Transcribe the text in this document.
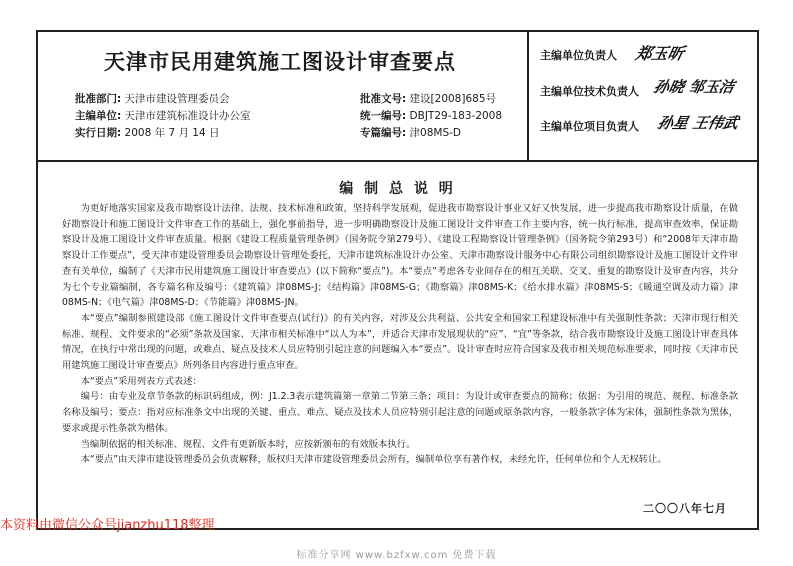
天津市民用建筑施工图设计审查要点
批准部门: 天津市建设管理委员会
主编单位: 天津市建筑标准设计办公室
实行日期: 2008 年 7 月 14 日
批准文号: 建设[2008]685号
统一编号: DBJT29-183-2008
专篇编号: 津08MS-D
主编单位负责人 郑玉昕
主编单位技术负责人 孙晓 邹玉洁
主编单位项目负责人 孙星 王伟武
编 制 总 说 明

为更好地落实国家及我市勘察设计法律、法规、技术标准和政策，坚持科学发展观，促进我市勘察设计事业又好又快发展，进一步提高我市勘察设计质量，在做好勘察设计和施工图设计文件审查工作的基础上，强化事前指导，进一步明确勘察设计及施工图设计文件审查工作主要内容，统一执行标准，提高审查效率，保证勘察设计及施工图设计文件审查质量。根据《建设工程质量管理条例》（国务院令第279号）、《建设工程勘察设计管理条例》（国务院令第293号）和“2008年天津市勘察设计工作要点”，受天津市建设管理委员会勘察设计管理处委托，天津市建筑标准设计办公室、天津市勘察设计服务中心有限公司组织勘察设计及施工图设计文件审查有关单位，编制了《天津市民用建筑施工图设计审查要点》(以下简称“要点”)。本“要点”考虑各专业间存在的相互关联、交叉、重复的勘察设计及审查内容，共分为七个专业篇编制，各专篇名称及编号：《建筑篇》津08MS-J；《结构篇》津08MS-G；《勘察篇》津08MS-K；《给水排水篇》津08MS-S；《暖通空调及动力篇》津08MS-N；《电气篇》津08MS-D；《节能篇》津08MS-JN。

本“要点”编制参照建设部《施工图设计文件审查要点(试行)》的有关内容，对涉及公共利益、公共安全和国家工程建设标准中有关强制性条款；天津市现行相关标准、规程、文件要求的“必须”条款及国家、天津市相关标准中“以人为本”，并适合天津市发展现状的“应”、“宜”等条款，结合我市勘察设计及施工图设计审查具体情况，在执行中常出现的问题，或难点、疑点及技术人员应特别引起注意的问题编入本“要点”。设计审查时应符合国家及我市相关规范标准要求，同时按《天津市民用建筑施工图设计审查要点》所列条目内容进行重点审查。

本“要点”采用列表方式表述：

编号：由专业及章节条款的标识码组成，例：J1.2.3表示建筑篇第一章第二节第三条；项目：为设计或审查要点的简称；依据：为引用的规范、规程、标准条款名称及编号；要点：指对应标准条文中出现的关键、重点、难点、疑点及技术人员应特别引起注意的问题或原条款内容，一般条款字体为宋体，强制性条款为黑体，要求或提示性条款为楷体。

当编制依据的相关标准、规程、文件有更新版本时，应按新颁布的有效版本执行。

本“要点”由天津市建设管理委员会负责解释，版权归天津市建设管理委员会所有，编制单位享有著作权，未经允许，任何单位和个人无权转让。

二〇〇八年七月
本资料由微信公众号jianzhu118整理
标准分享网 www.bzfxw.com 免费下载
